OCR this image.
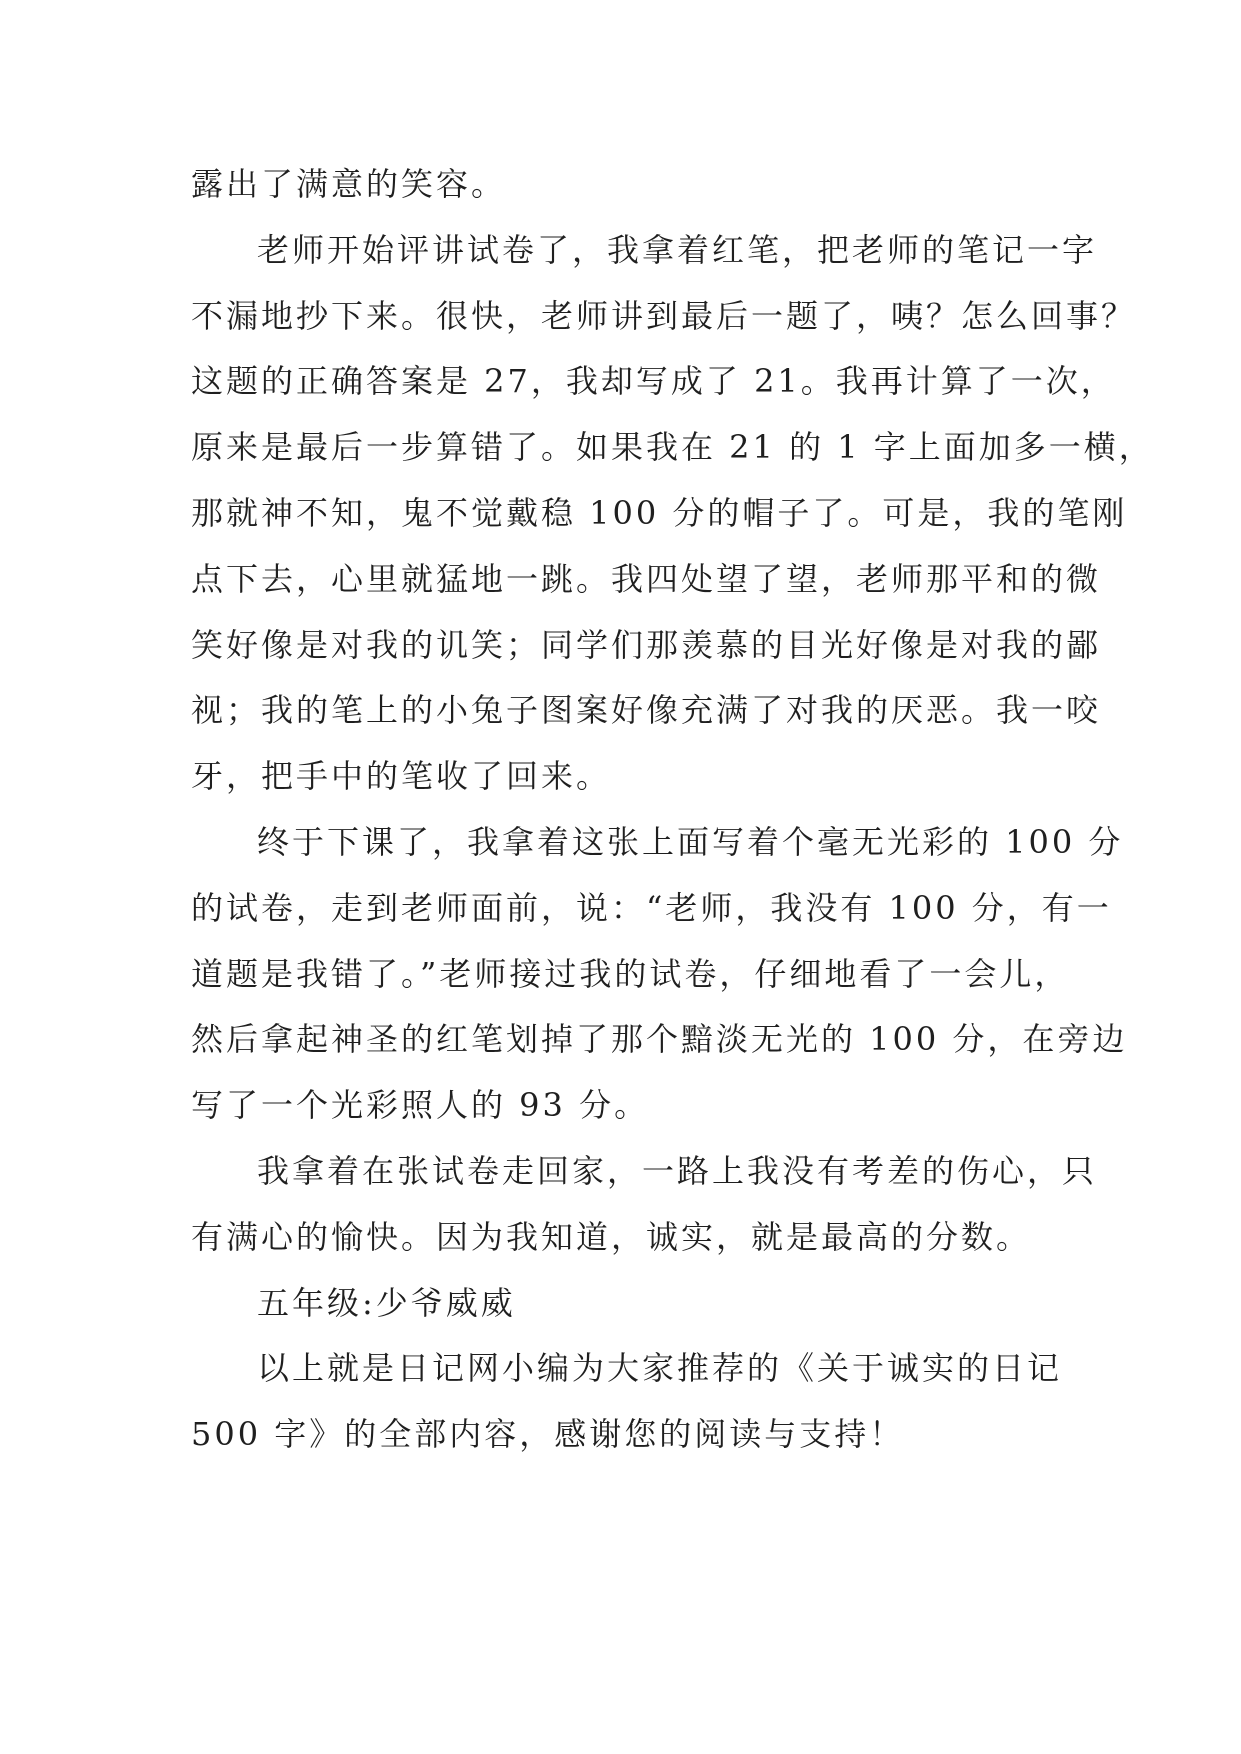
露出了满意的笑容。
老师开始评讲试卷了，我拿着红笔，把老师的笔记一字
不漏地抄下来。很快，老师讲到最后一题了，咦？怎么回事？
这题的正确答案是 27，我却写成了 21。我再计算了一次，
原来是最后一步算错了。如果我在 21 的 1 字上面加多一横，
那就神不知，鬼不觉戴稳 100 分的帽子了。可是，我的笔刚
点下去，心里就猛地一跳。我四处望了望，老师那平和的微
笑好像是对我的讥笑；同学们那羡慕的目光好像是对我的鄙
视；我的笔上的小兔子图案好像充满了对我的厌恶。我一咬
牙，把手中的笔收了回来。
终于下课了，我拿着这张上面写着个毫无光彩的 100 分
的试卷，走到老师面前，说：“老师，我没有 100 分，有一
道题是我错了。”老师接过我的试卷，仔细地看了一会儿，
然后拿起神圣的红笔划掉了那个黯淡无光的 100 分，在旁边
写了一个光彩照人的 93 分。
我拿着在张试卷走回家，一路上我没有考差的伤心，只
有满心的愉快。因为我知道，诚实，就是最高的分数。
五年级:少爷威威
以上就是日记网小编为大家推荐的《关于诚实的日记
500 字》的全部内容，感谢您的阅读与支持！
